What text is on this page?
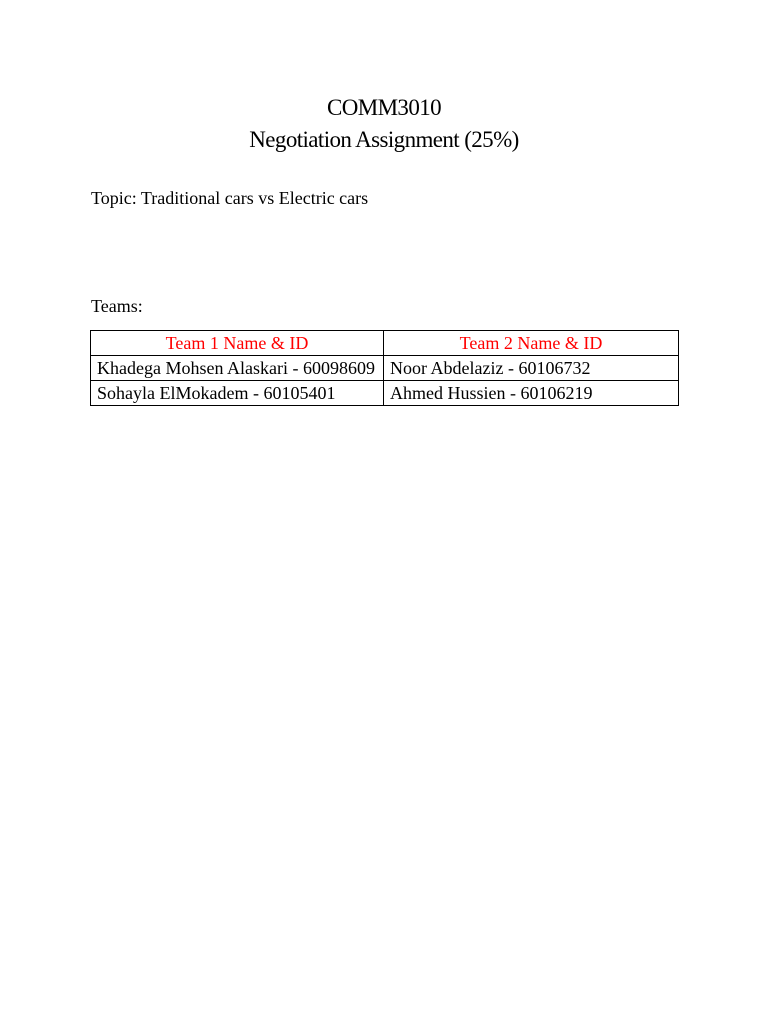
COMM3010
Negotiation Assignment (25%)
Topic: Traditional cars vs Electric cars
Teams:
Team 1 Name & ID	Team 2 Name & ID
Khadega Mohsen Alaskari - 60098609	Noor Abdelaziz - 60106732
Sohayla ElMokadem - 60105401	Ahmed Hussien - 60106219
